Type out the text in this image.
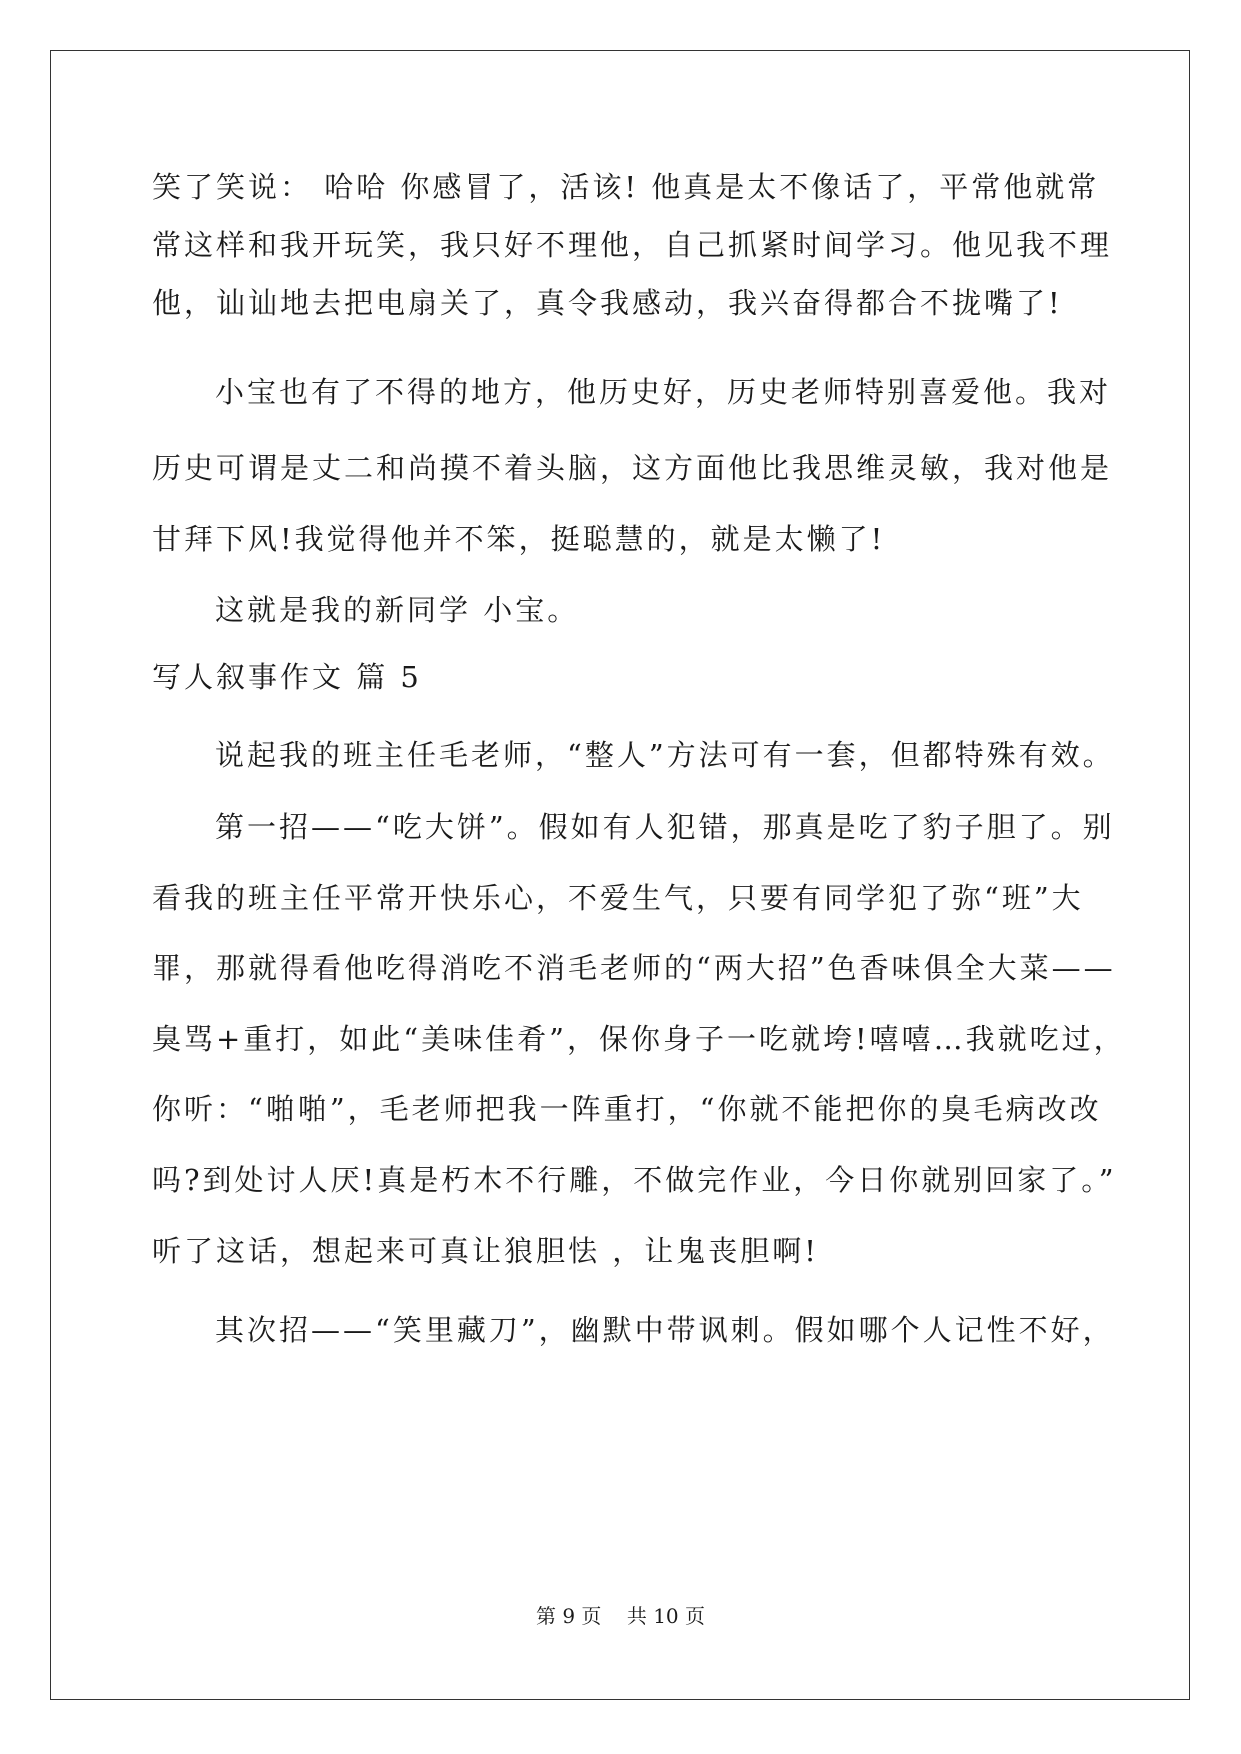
笑了笑说： 哈哈 你感冒了，活该! 他真是太不像话了，平常他就常
常这样和我开玩笑，我只好不理他，自己抓紧时间学习。他见我不理
他，讪讪地去把电扇关了，真令我感动，我兴奋得都合不拢嘴了!
小宝也有了不得的地方，他历史好，历史老师特别喜爱他。我对
历史可谓是丈二和尚摸不着头脑，这方面他比我思维灵敏，我对他是
甘拜下风!我觉得他并不笨，挺聪慧的，就是太懒了!
这就是我的新同学 小宝。
写人叙事作文 篇 5
说起我的班主任毛老师，“整人”方法可有一套，但都特殊有效。
第一招——“吃大饼”。假如有人犯错，那真是吃了豹子胆了。别
看我的班主任平常开快乐心，不爱生气，只要有同学犯了弥“班”大
罪，那就得看他吃得消吃不消毛老师的“两大招”色香味俱全大菜——
臭骂+重打，如此“美味佳肴”，保你身子一吃就垮!嘻嘻…我就吃过，
你听：“啪啪”，毛老师把我一阵重打，“你就不能把你的臭毛病改改
吗?到处讨人厌!真是朽木不行雕，不做完作业，今日你就别回家了。”
听了这话，想起来可真让狼胆怯 ，让鬼丧胆啊!
其次招——“笑里藏刀”，幽默中带讽刺。假如哪个人记性不好，
第 9 页    共 10 页
